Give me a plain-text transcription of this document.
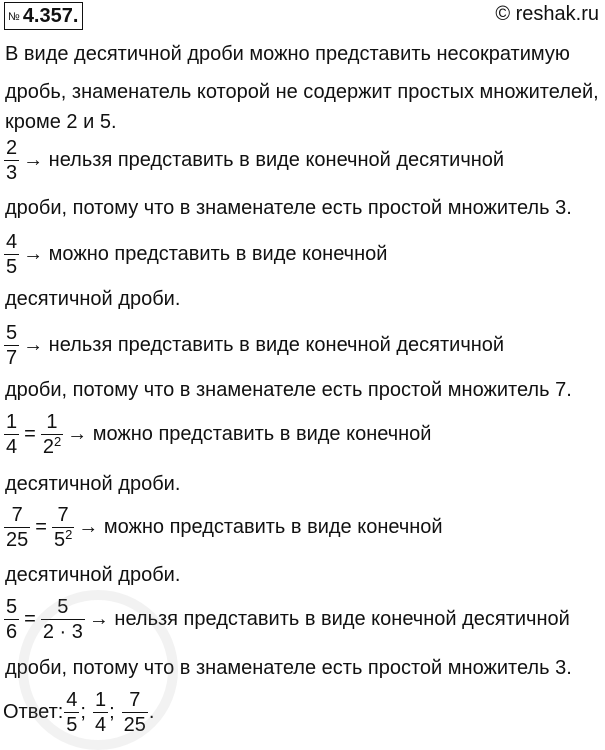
№ 4.357.	© reshak.ru
В виде десятичной дроби можно представить несократимую
дробь, знаменатель которой не содержит простых множителей,
кроме 2 и 5.
$\frac{2}{3}$ → нельзя представить в виде конечной десятичной
дроби, потому что в знаменателе есть простой множитель 3.
$\frac{4}{5}$ → можно представить в виде конечной
десятичной дроби.
$\frac{5}{7}$ → нельзя представить в виде конечной десятичной
дроби, потому что в знаменателе есть простой множитель 7.
$\frac{1}{4} = \frac{1}{2^2}$ → можно представить в виде конечной
десятичной дроби.
$\frac{7}{25} = \frac{7}{5^2}$ → можно представить в виде конечной
десятичной дроби.
$\frac{5}{6} = \frac{5}{2 \cdot 3}$ → нельзя представить в виде конечной десятичной
дроби, потому что в знаменателе есть простой множитель 3.
Ответ: $\frac{4}{5}$ ; $\frac{1}{4}$ ; $\frac{7}{25}$ .
